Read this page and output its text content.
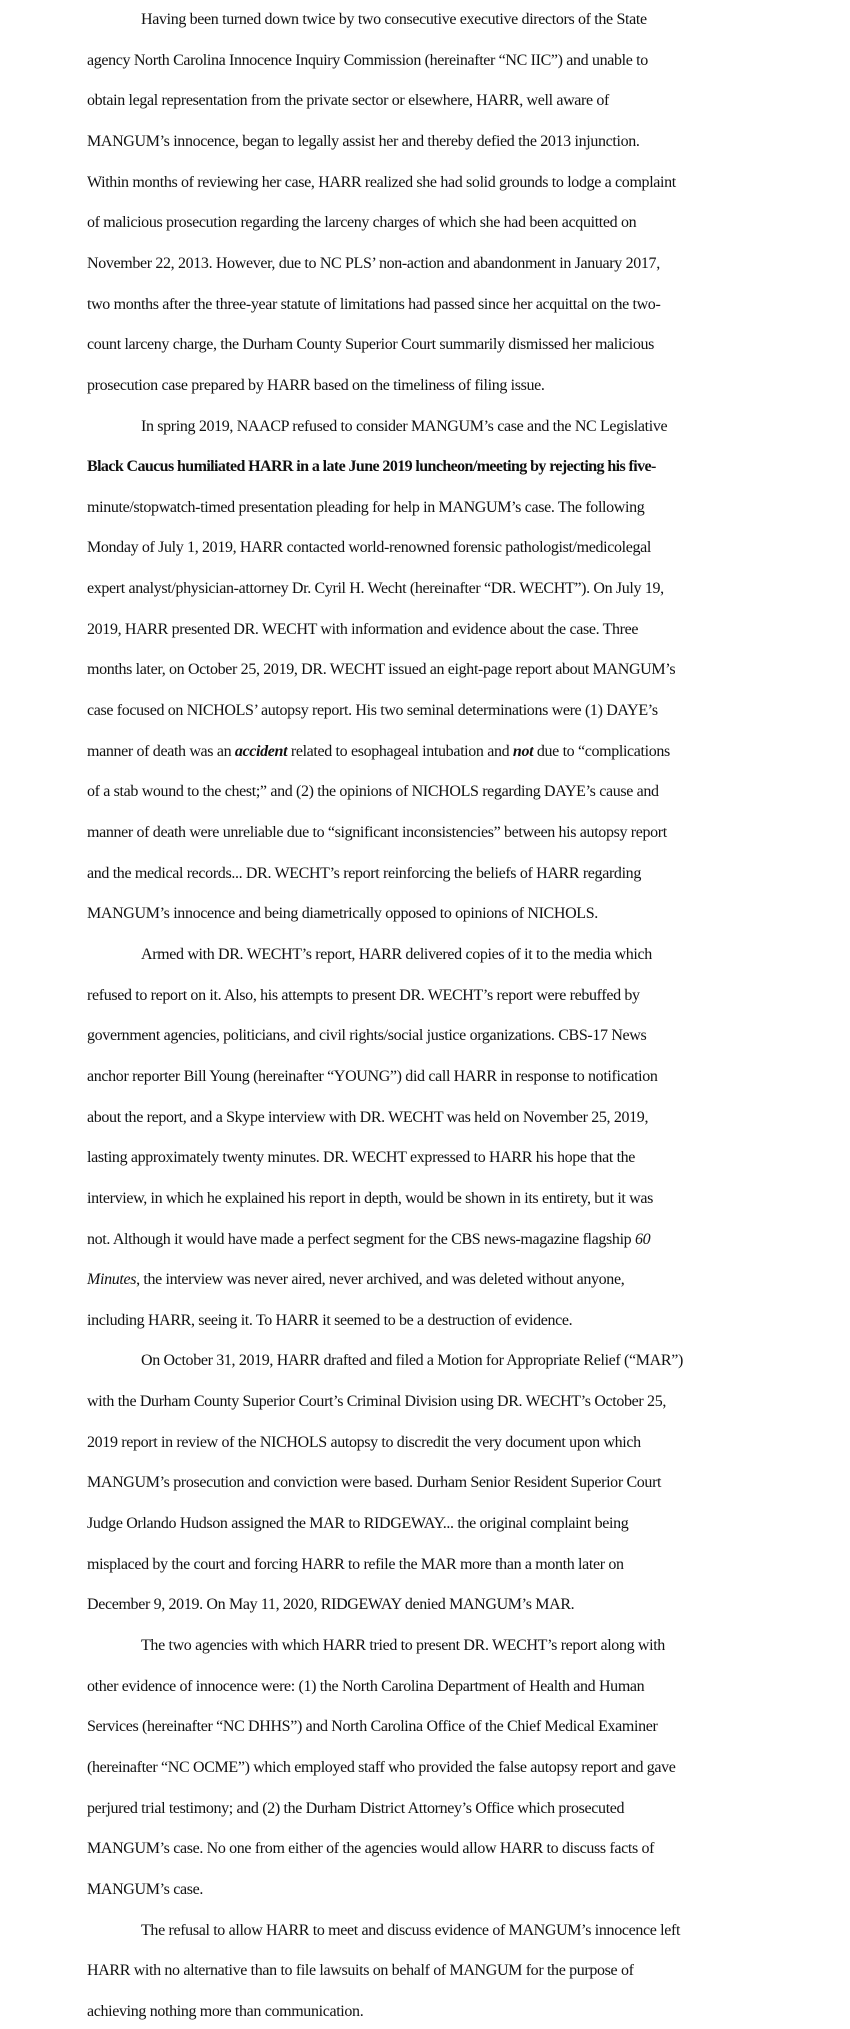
Having been turned down twice by two consecutive executive directors of the State
agency North Carolina Innocence Inquiry Commission (hereinafter “NC IIC”) and unable to
obtain legal representation from the private sector or elsewhere, HARR, well aware of
MANGUM’s innocence, began to legally assist her and thereby defied the 2013 injunction.
Within months of reviewing her case, HARR realized she had solid grounds to lodge a complaint
of malicious prosecution regarding the larceny charges of which she had been acquitted on
November 22, 2013. However, due to NC PLS’ non-action and abandonment in January 2017,
two months after the three-year statute of limitations had passed since her acquittal on the two-
count larceny charge, the Durham County Superior Court summarily dismissed her malicious
prosecution case prepared by HARR based on the timeliness of filing issue.
In spring 2019, NAACP refused to consider MANGUM’s case and the NC Legislative
Black Caucus humiliated HARR in a late June 2019 luncheon/meeting by rejecting his five-
minute/stopwatch-timed presentation pleading for help in MANGUM’s case. The following
Monday of July 1, 2019, HARR contacted world-renowned forensic pathologist/medicolegal
expert analyst/physician-attorney Dr. Cyril H. Wecht (hereinafter “DR. WECHT”). On July 19,
2019, HARR presented DR. WECHT with information and evidence about the case. Three
months later, on October 25, 2019, DR. WECHT issued an eight-page report about MANGUM’s
case focused on NICHOLS’ autopsy report. His two seminal determinations were (1) DAYE’s
manner of death was an accident related to esophageal intubation and not due to “complications
of a stab wound to the chest;” and (2) the opinions of NICHOLS regarding DAYE’s cause and
manner of death were unreliable due to “significant inconsistencies” between his autopsy report
and the medical records... DR. WECHT’s report reinforcing the beliefs of HARR regarding
MANGUM’s innocence and being diametrically opposed to opinions of NICHOLS.
Armed with DR. WECHT’s report, HARR delivered copies of it to the media which
refused to report on it. Also, his attempts to present DR. WECHT’s report were rebuffed by
government agencies, politicians, and civil rights/social justice organizations. CBS-17 News
anchor reporter Bill Young (hereinafter “YOUNG”) did call HARR in response to notification
about the report, and a Skype interview with DR. WECHT was held on November 25, 2019,
lasting approximately twenty minutes. DR. WECHT expressed to HARR his hope that the
interview, in which he explained his report in depth, would be shown in its entirety, but it was
not. Although it would have made a perfect segment for the CBS news-magazine flagship 60
Minutes, the interview was never aired, never archived, and was deleted without anyone,
including HARR, seeing it. To HARR it seemed to be a destruction of evidence.
On October 31, 2019, HARR drafted and filed a Motion for Appropriate Relief (“MAR”)
with the Durham County Superior Court’s Criminal Division using DR. WECHT’s October 25,
2019 report in review of the NICHOLS autopsy to discredit the very document upon which
MANGUM’s prosecution and conviction were based. Durham Senior Resident Superior Court
Judge Orlando Hudson assigned the MAR to RIDGEWAY... the original complaint being
misplaced by the court and forcing HARR to refile the MAR more than a month later on
December 9, 2019. On May 11, 2020, RIDGEWAY denied MANGUM’s MAR.
The two agencies with which HARR tried to present DR. WECHT’s report along with
other evidence of innocence were: (1) the North Carolina Department of Health and Human
Services (hereinafter “NC DHHS”) and North Carolina Office of the Chief Medical Examiner
(hereinafter “NC OCME”) which employed staff who provided the false autopsy report and gave
perjured trial testimony; and (2) the Durham District Attorney’s Office which prosecuted
MANGUM’s case. No one from either of the agencies would allow HARR to discuss facts of
MANGUM’s case.
The refusal to allow HARR to meet and discuss evidence of MANGUM’s innocence left
HARR with no alternative than to file lawsuits on behalf of MANGUM for the purpose of
achieving nothing more than communication.
